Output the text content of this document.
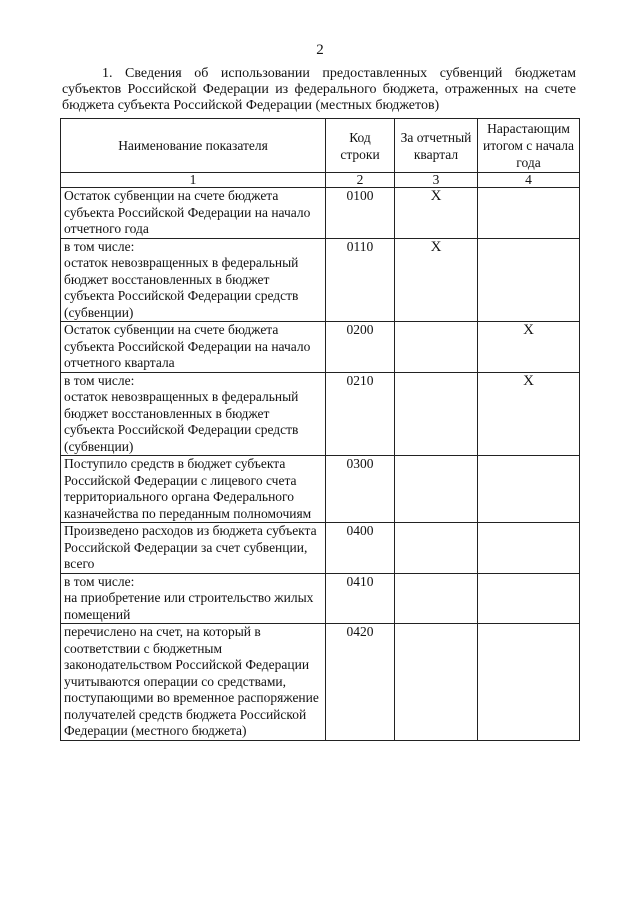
2
1. Сведения об использовании предоставленных субвенций бюджетам субъектов Российской Федерации из федерального бюджета, отраженных на счете бюджета субъекта Российской Федерации (местных бюджетов)
Наименование показателя	Код строки	За отчетный квартал	Нарастающим итогом с начала года
1	2	3	4
Остаток субвенции на счете бюджета субъекта Российской Федерации на начало отчетного года	0100	X	
в том числе:
остаток невозвращенных в федеральный бюджет восстановленных в бюджет субъекта Российской Федерации средств (субвенции)	0110	X	
Остаток субвенции на счете бюджета субъекта Российской Федерации на начало отчетного квартала	0200		X
в том числе:
остаток невозвращенных в федеральный бюджет восстановленных в бюджет субъекта Российской Федерации средств (субвенции)	0210		X
Поступило средств в бюджет субъекта Российской Федерации с лицевого счета территориального органа Федерального казначейства по переданным полномочиям	0300		
Произведено расходов из бюджета субъекта Российской Федерации за счет субвенции, всего	0400		
в том числе:
на приобретение или строительство жилых помещений	0410		
перечислено на счет, на который в соответствии с бюджетным законодательством Российской Федерации учитываются операции со средствами, поступающими во временное распоряжение получателей средств бюджета Российской Федерации (местного бюджета)	0420		
